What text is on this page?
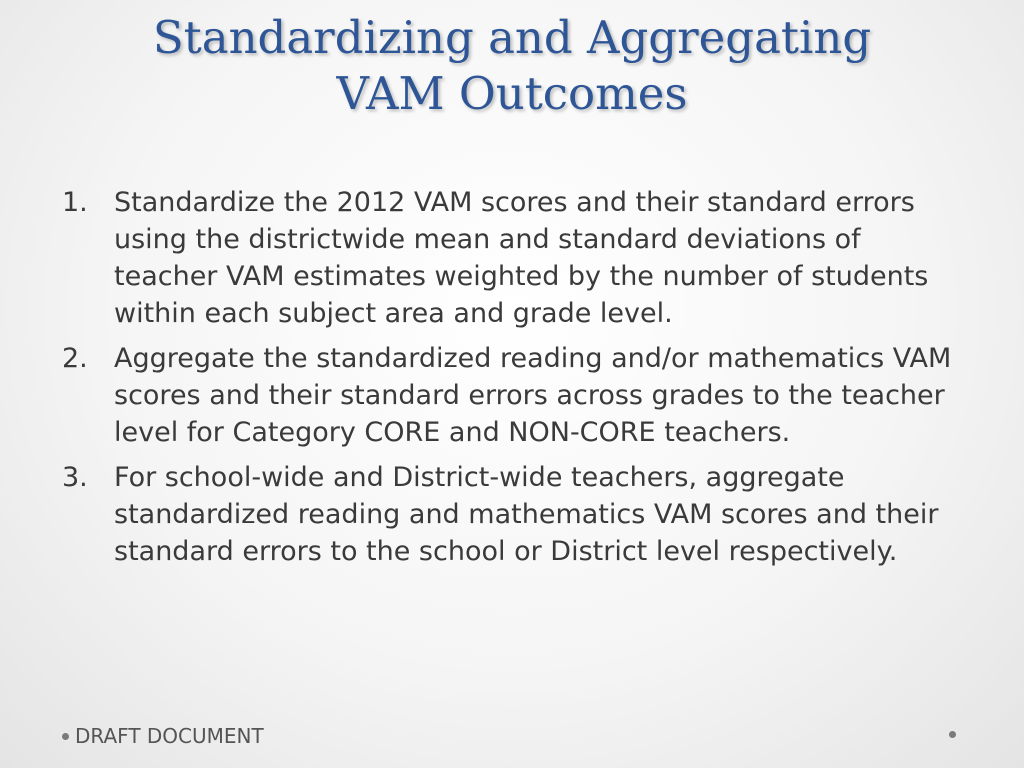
Standardizing and Aggregating
VAM Outcomes
1. Standardize the 2012 VAM scores and their standard errors using the districtwide mean and standard deviations of teacher VAM estimates weighted by the number of students within each subject area and grade level.
2. Aggregate the standardized reading and/or mathematics VAM scores and their standard errors across grades to the teacher level for Category CORE and NON-CORE teachers.
3. For school-wide and District-wide teachers, aggregate standardized reading and mathematics VAM scores and their standard errors to the school or District level respectively.
DRAFT DOCUMENT
